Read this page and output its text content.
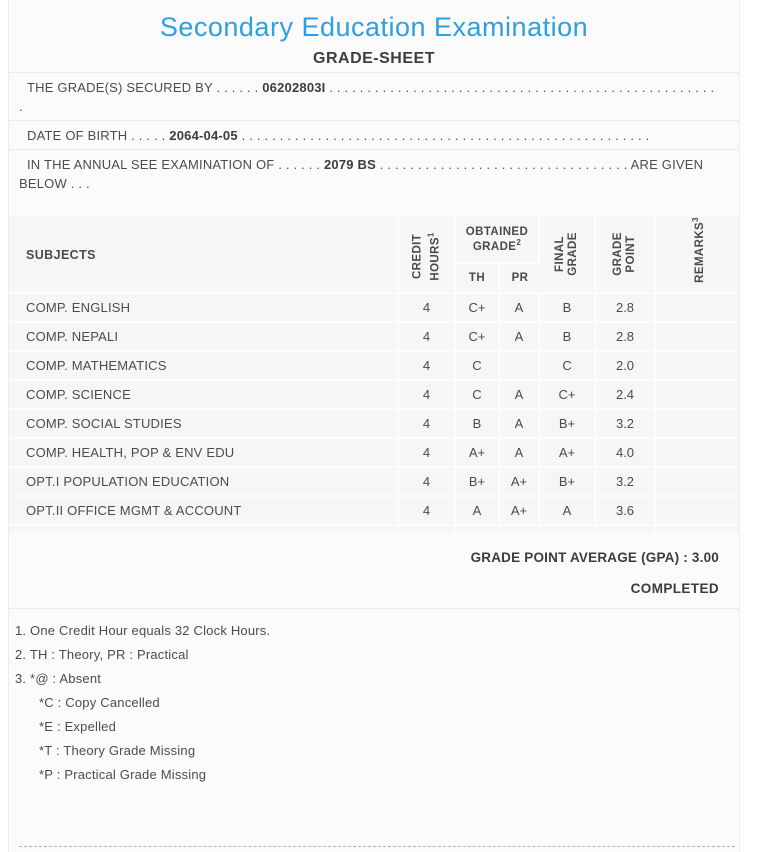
Secondary Education Examination
GRADE-SHEET
THE GRADE(S) SECURED BY . . . . . . 06202803I . . . . . . . . . . . . . . . . . . . . . . . . . . . . . . . . . . . . . . . . . . . . . . . . . . . .
DATE OF BIRTH . . . . . 2064-04-05 . . . . . . . . . . . . . . . . . . . . . . . . . . . . . . . . . . . . . . . . . . . . . . . . . . . . . .
IN THE ANNUAL SEE EXAMINATION OF . . . . . . 2079 BS . . . . . . . . . . . . . . . . . . . . . . . . . . . . . . . . . ARE GIVEN BELOW . . .
SUBJECTS	CREDIT HOURS$^1$	OBTAINED GRADE$^2$		FINAL GRADE	GRADE POINT	REMARKS$^3$

		TH	PR			
COMP. ENGLISH	4	C+	A	B	2.8	
COMP. NEPALI	4	C+	A	B	2.8	
COMP. MATHEMATICS	4	C		C	2.0	
COMP. SCIENCE	4	C	A	C+	2.4	
COMP. SOCIAL STUDIES	4	B	A	B+	3.2	
COMP. HEALTH, POP & ENV EDU	4	A+	A	A+	4.0	
OPT.I POPULATION EDUCATION	4	B+	A+	B+	3.2	
OPT.II OFFICE MGMT & ACCOUNT	4	A	A+	A	3.6	

GRADE POINT AVERAGE (GPA) : 3.00
COMPLETED
1. One Credit Hour equals 32 Clock Hours.
2. TH : Theory, PR : Practical
3. *@ : Absent
*C : Copy Cancelled
*E : Expelled
*T : Theory Grade Missing
*P : Practical Grade Missing
